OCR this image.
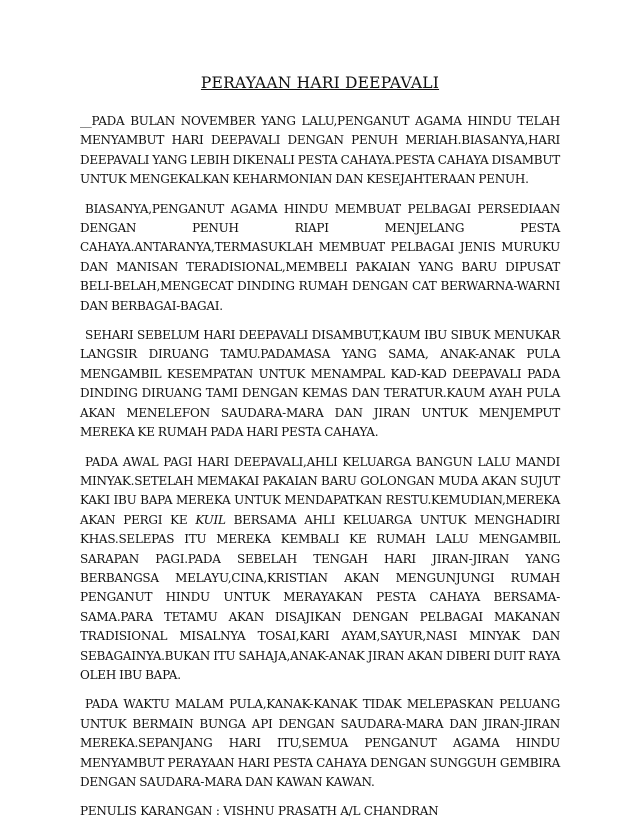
PERAYAAN HARI DEEPAVALI

__PADA BULAN NOVEMBER YANG LALU,PENGANUT AGAMA HINDU TELAH MENYAMBUT HARI DEEPAVALI DENGAN PENUH MERIAH.BIASANYA,HARI DEEPAVALI YANG LEBIH DIKENALI PESTA CAHAYA.PESTA CAHAYA DISAMBUT UNTUK MENGEKALKAN KEHARMONIAN DAN KESEJAHTERAAN PENUH.

BIASANYA,PENGANUT AGAMA HINDU MEMBUAT PELBAGAI PERSEDIAAN DENGAN PENUH RIAPI MENJELANG PESTA CAHAYA.ANTARANYA,TERMASUKLAH MEMBUAT PELBAGAI JENIS MURUKU DAN MANISAN TERADISIONAL,MEMBELI PAKAIAN YANG BARU DIPUSAT BELI-BELAH,MENGECAT DINDING RUMAH DENGAN CAT BERWARNA-WARNI DAN BERBAGAI-BAGAI.

SEHARI SEBELUM HARI DEEPAVALI DISAMBUT,KAUM IBU SIBUK MENUKAR LANGSIR DIRUANG TAMU.PADAMASA YANG SAMA, ANAK-ANAK PULA MENGAMBIL KESEMPATAN UNTUK MENAMPAL KAD-KAD DEEPAVALI PADA DINDING DIRUANG TAMI DENGAN KEMAS DAN TERATUR.KAUM AYAH PULA AKAN MENELEFON SAUDARA-MARA DAN JIRAN UNTUK MENJEMPUT MEREKA KE RUMAH PADA HARI PESTA CAHAYA.

PADA AWAL PAGI HARI DEEPAVALI,AHLI KELUARGA BANGUN LALU MANDI MINYAK.SETELAH MEMAKAI PAKAIAN BARU GOLONGAN MUDA AKAN SUJUT KAKI IBU BAPA MEREKA UNTUK MENDAPATKAN RESTU.KEMUDIAN,MEREKA AKAN PERGI KE KUIL BERSAMA AHLI KELUARGA UNTUK MENGHADIRI KHAS.SELEPAS ITU MEREKA KEMBALI KE RUMAH LALU MENGAMBIL SARAPAN PAGI.PADA SEBELAH TENGAH HARI JIRAN-JIRAN YANG BERBANGSA MELAYU,CINA,KRISTIAN AKAN MENGUNJUNGI RUMAH PENGANUT HINDU UNTUK MERAYAKAN PESTA CAHAYA BERSAMA-SAMA.PARA TETAMU AKAN DISAJIKAN DENGAN PELBAGAI MAKANAN TRADISIONAL MISALNYA TOSAI,KARI AYAM,SAYUR,NASI MINYAK DAN SEBAGAINYA.BUKAN ITU SAHAJA,ANAK-ANAK JIRAN AKAN DIBERI DUIT RAYA OLEH IBU BAPA.

PADA WAKTU MALAM PULA,KANAK-KANAK TIDAK MELEPASKAN PELUANG UNTUK BERMAIN BUNGA API DENGAN SAUDARA-MARA DAN JIRAN-JIRAN MEREKA.SEPANJANG HARI ITU,SEMUA PENGANUT AGAMA HINDU MENYAMBUT PERAYAAN HARI PESTA CAHAYA DENGAN SUNGGUH GEMBIRA DENGAN SAUDARA-MARA DAN KAWAN KAWAN.

PENULIS KARANGAN : VISHNU PRASATH A/L CHANDRAN
